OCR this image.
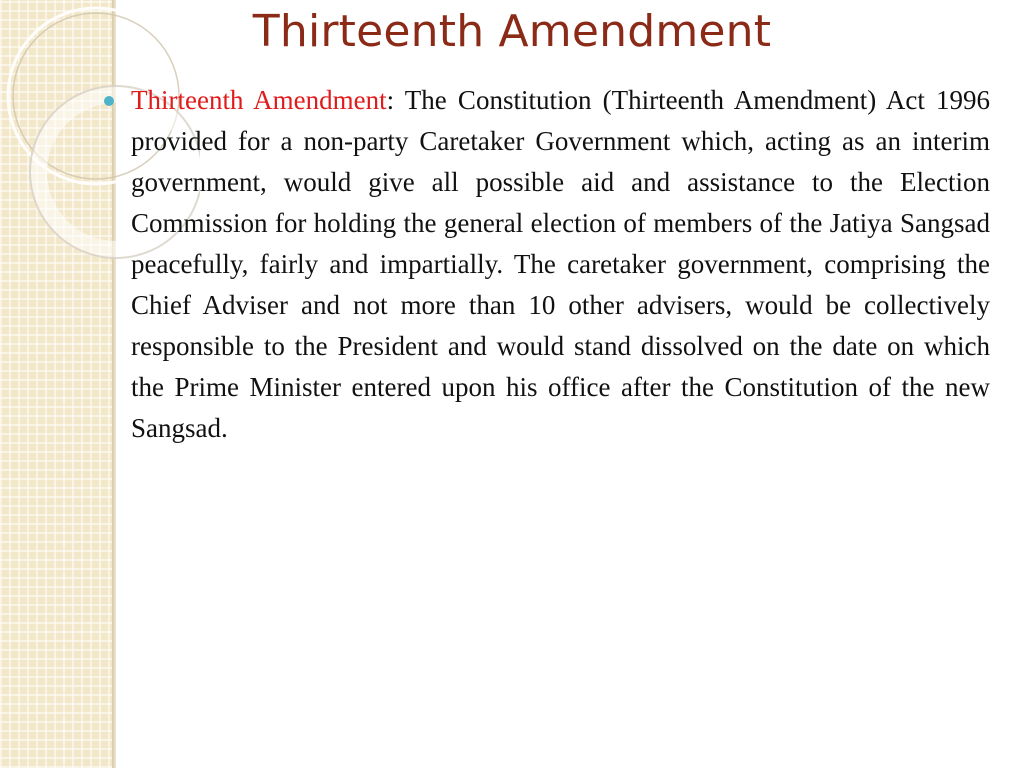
Thirteenth Amendment

Thirteenth Amendment: The Constitution (Thirteenth Amendment) Act 1996 provided for a non-party Caretaker Government which, acting as an interim government, would give all possible aid and assistance to the Election Commission for holding the general election of members of the Jatiya Sangsad peacefully, fairly and impartially. The caretaker government, comprising the Chief Adviser and not more than 10 other advisers, would be collectively responsible to the President and would stand dissolved on the date on which the Prime Minister entered upon his office after the Constitution of the new Sangsad.
